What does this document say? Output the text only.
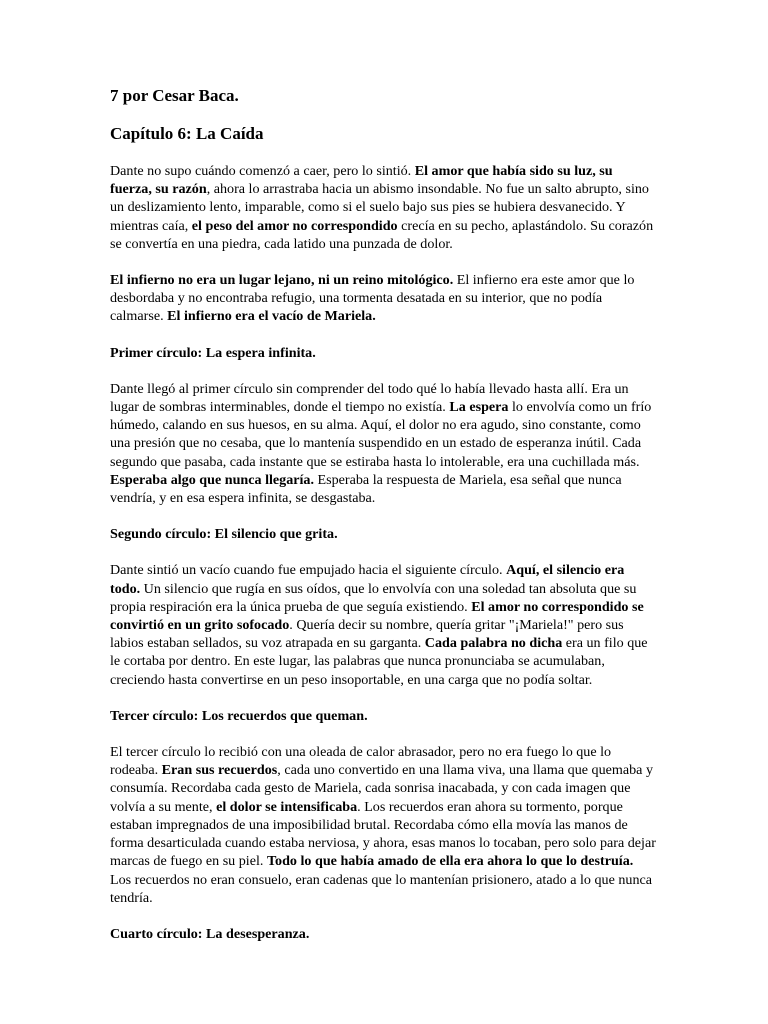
7 por Cesar Baca.
Capítulo 6: La Caída

Dante no supo cuándo comenzó a caer, pero lo sintió. El amor que había sido su luz, su fuerza, su razón, ahora lo arrastraba hacia un abismo insondable. No fue un salto abrupto, sino un deslizamiento lento, imparable, como si el suelo bajo sus pies se hubiera desvanecido. Y mientras caía, el peso del amor no correspondido crecía en su pecho, aplastándolo. Su corazón se convertía en una piedra, cada latido una punzada de dolor.

El infierno no era un lugar lejano, ni un reino mitológico. El infierno era este amor que lo desbordaba y no encontraba refugio, una tormenta desatada en su interior, que no podía calmarse. El infierno era el vacío de Mariela.

Primer círculo: La espera infinita.

Dante llegó al primer círculo sin comprender del todo qué lo había llevado hasta allí. Era un lugar de sombras interminables, donde el tiempo no existía. La espera lo envolvía como un frío húmedo, calando en sus huesos, en su alma. Aquí, el dolor no era agudo, sino constante, como una presión que no cesaba, que lo mantenía suspendido en un estado de esperanza inútil. Cada segundo que pasaba, cada instante que se estiraba hasta lo intolerable, era una cuchillada más. Esperaba algo que nunca llegaría. Esperaba la respuesta de Mariela, esa señal que nunca vendría, y en esa espera infinita, se desgastaba.

Segundo círculo: El silencio que grita.

Dante sintió un vacío cuando fue empujado hacia el siguiente círculo. Aquí, el silencio era todo. Un silencio que rugía en sus oídos, que lo envolvía con una soledad tan absoluta que su propia respiración era la única prueba de que seguía existiendo. El amor no correspondido se convirtió en un grito sofocado. Quería decir su nombre, quería gritar "¡Mariela!" pero sus labios estaban sellados, su voz atrapada en su garganta. Cada palabra no dicha era un filo que le cortaba por dentro. En este lugar, las palabras que nunca pronunciaba se acumulaban, creciendo hasta convertirse en un peso insoportable, en una carga que no podía soltar.

Tercer círculo: Los recuerdos que queman.

El tercer círculo lo recibió con una oleada de calor abrasador, pero no era fuego lo que lo rodeaba. Eran sus recuerdos, cada uno convertido en una llama viva, una llama que quemaba y consumía. Recordaba cada gesto de Mariela, cada sonrisa inacabada, y con cada imagen que volvía a su mente, el dolor se intensificaba. Los recuerdos eran ahora su tormento, porque estaban impregnados de una imposibilidad brutal. Recordaba cómo ella movía las manos de forma desarticulada cuando estaba nerviosa, y ahora, esas manos lo tocaban, pero solo para dejar marcas de fuego en su piel. Todo lo que había amado de ella era ahora lo que lo destruía. Los recuerdos no eran consuelo, eran cadenas que lo mantenían prisionero, atado a lo que nunca tendría.

Cuarto círculo: La desesperanza.
